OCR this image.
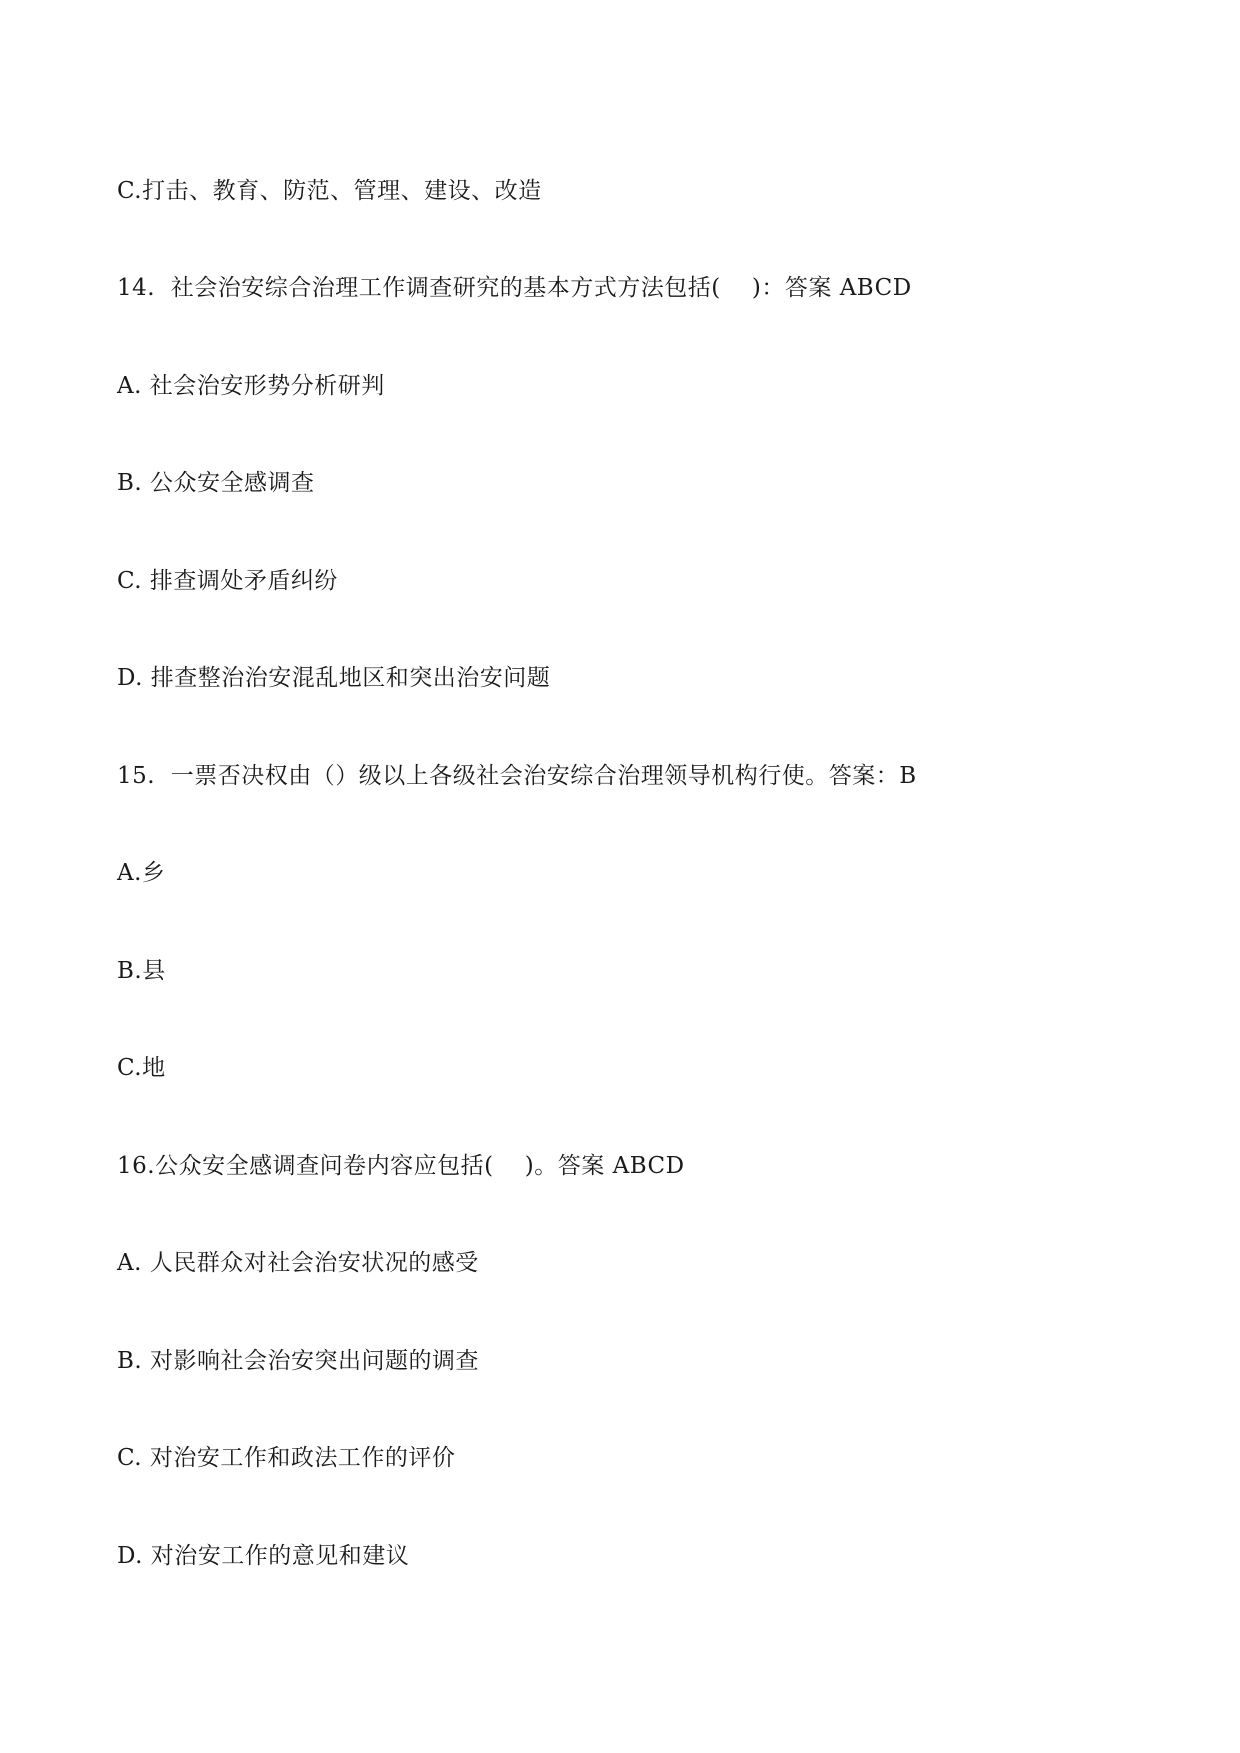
C.打击、教育、防范、管理、建设、改造

14.  社会治安综合治理工作调查研究的基本方式方法包括(    )：答案 ABCD

A. 社会治安形势分析研判

B. 公众安全感调查

C. 排查调处矛盾纠纷

D. 排查整治治安混乱地区和突出治安问题

15.  一票否决权由（）级以上各级社会治安综合治理领导机构行使。答案：B

A.乡

B.县

C.地

16.公众安全感调查问卷内容应包括(    )。答案 ABCD

A. 人民群众对社会治安状况的感受

B. 对影响社会治安突出问题的调查

C. 对治安工作和政法工作的评价

D. 对治安工作的意见和建议
